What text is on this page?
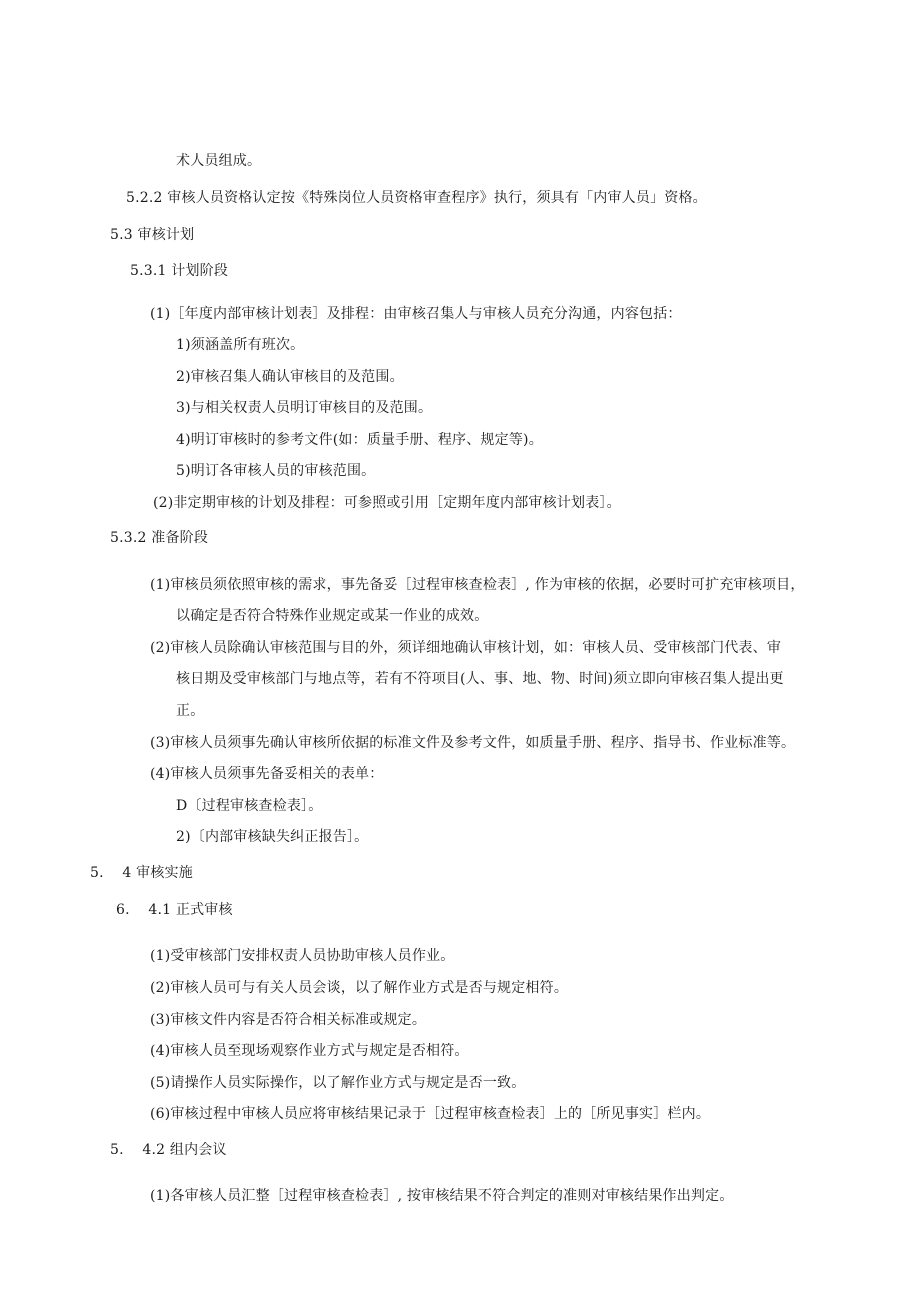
术人员组成。
5.2.2 审核人员资格认定按《特殊岗位人员资格审查程序》执行，须具有「内审人员」资格。
5.3 审核计划
5.3.1 计划阶段
(1)［年度内部审核计划表］及排程：由审核召集人与审核人员充分沟通，内容包括：
1)须涵盖所有班次。
2)审核召集人确认审核目的及范围。
3)与相关权责人员明订审核目的及范围。
4)明订审核时的参考文件(如：质量手册、程序、规定等)。
5)明订各审核人员的审核范围。
(2)非定期审核的计划及排程：可参照或引用［定期年度内部审核计划表］。
5.3.2 准备阶段
(1)审核员须依照审核的需求，事先备妥［过程审核查检表］, 作为审核的依据，必要时可扩充审核项目，
以确定是否符合特殊作业规定或某一作业的成效。
(2)审核人员除确认审核范围与目的外，须详细地确认审核计划，如：审核人员、受审核部门代表、审
核日期及受审核部门与地点等，若有不符项目(人、事、地、物、时间)须立即向审核召集人提出更
正。
(3)审核人员须事先确认审核所依据的标准文件及参考文件，如质量手册、程序、指导书、作业标准等。
(4)审核人员须事先备妥相关的表单：
D〔过程审核查检表］。
2)〔内部审核缺失纠正报告］。
5.    4 审核实施
6.    4.1 正式审核
(1)受审核部门安排权责人员协助审核人员作业。
(2)审核人员可与有关人员会谈，以了解作业方式是否与规定相符。
(3)审核文件内容是否符合相关标准或规定。
(4)审核人员至现场观察作业方式与规定是否相符。
(5)请操作人员实际操作，以了解作业方式与规定是否一致。
(6)审核过程中审核人员应将审核结果记录于［过程审核查检表］上的［所见事实］栏内。
5.    4.2 组内会议
(1)各审核人员汇整［过程审核查检表］, 按审核结果不符合判定的准则对审核结果作出判定。
